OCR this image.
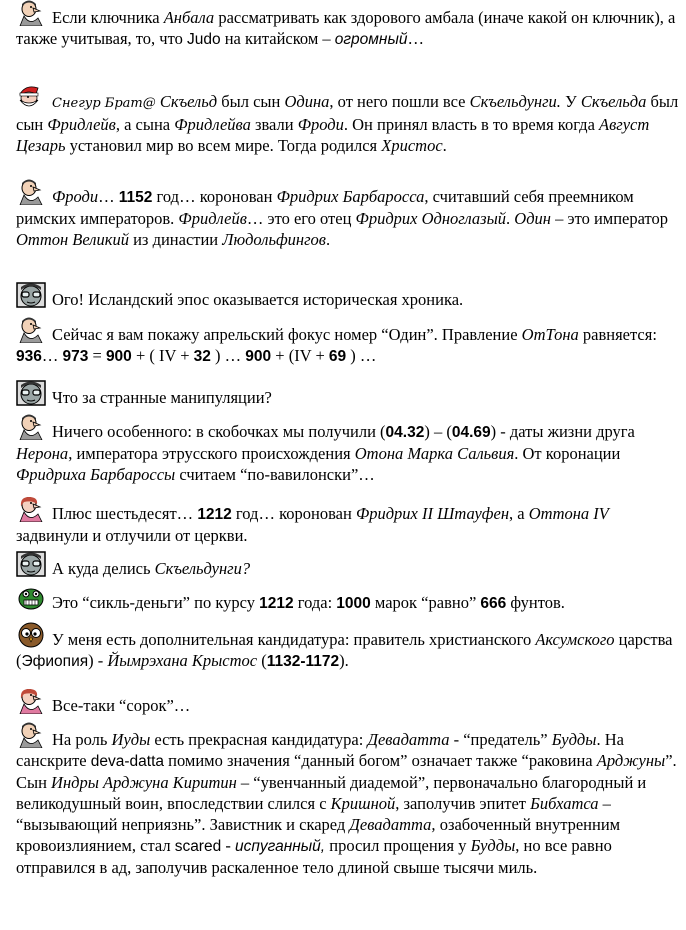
Если ключника Анбала рассматривать как здорового амбала (иначе какой он ключник), а также учитывая, то, что Judo на китайском – огромный…

Снегур Брат@ Скъельд был сын Одина, от него пошли все Скъельдунги. У Скъельда был сын Фридлейв, а сына Фридлейва звали Фроди. Он принял власть в то время когда Август Цезарь установил мир во всем мире. Тогда родился Христос.

Фроди… 1152 год… коронован Фридрих Барбаросса, считавший себя преемником римских императоров. Фридлейв… это его отец Фридрих Одноглазый. Один – это император Оттон Великий из династии Людольфингов.

Ого! Исландский эпос оказывается историческая хроника.

Сейчас я вам покажу апрельский фокус номер “Один”. Правление ОтТона равняется: 936… 973 = 900 + ( IV + 32 ) … 900 + (IV + 69 ) …

Что за странные манипуляции?

Ничего особенного: в скобочках мы получили (04.32) – (04.69) - даты жизни друга Нерона, императора этрусского происхождения Отона Марка Сальвия. От коронации Фридриха Барбароссы считаем “по-вавилонски”…

Плюс шестьдесят… 1212 год… коронован Фридрих II Штауфен, а Оттона IV задвинули и отлучили от церкви.

А куда делись Скъельдунги?

Это “сикль-деньги” по курсу 1212 года: 1000 марок “равно” 666 фунтов.

У меня есть дополнительная кандидатура: правитель христианского Аксумского царства (Эфиопия) - Йымрэхана Крыстос (1132-1172).

Все-таки “сорок”…

На роль Иуды есть прекрасная кандидатура: Девадатта - “предатель” Будды. На санскрите deva-datta помимо значения “данный богом” означает также “раковина Арджуны”. Сын Индры Арджуна Киритин – “увенчанный диадемой”, первоначально благородный и великодушный воин, впоследствии слился с Кришной, заполучив эпитет Бибхатса – “вызывающий неприязнь”. Завистник и скаред Девадатта, озабоченный внутренним кровоизлиянием, стал scared - испуганный, просил прощения у Будды, но все равно отправился в ад, заполучив раскаленное тело длиной свыше тысячи миль.
